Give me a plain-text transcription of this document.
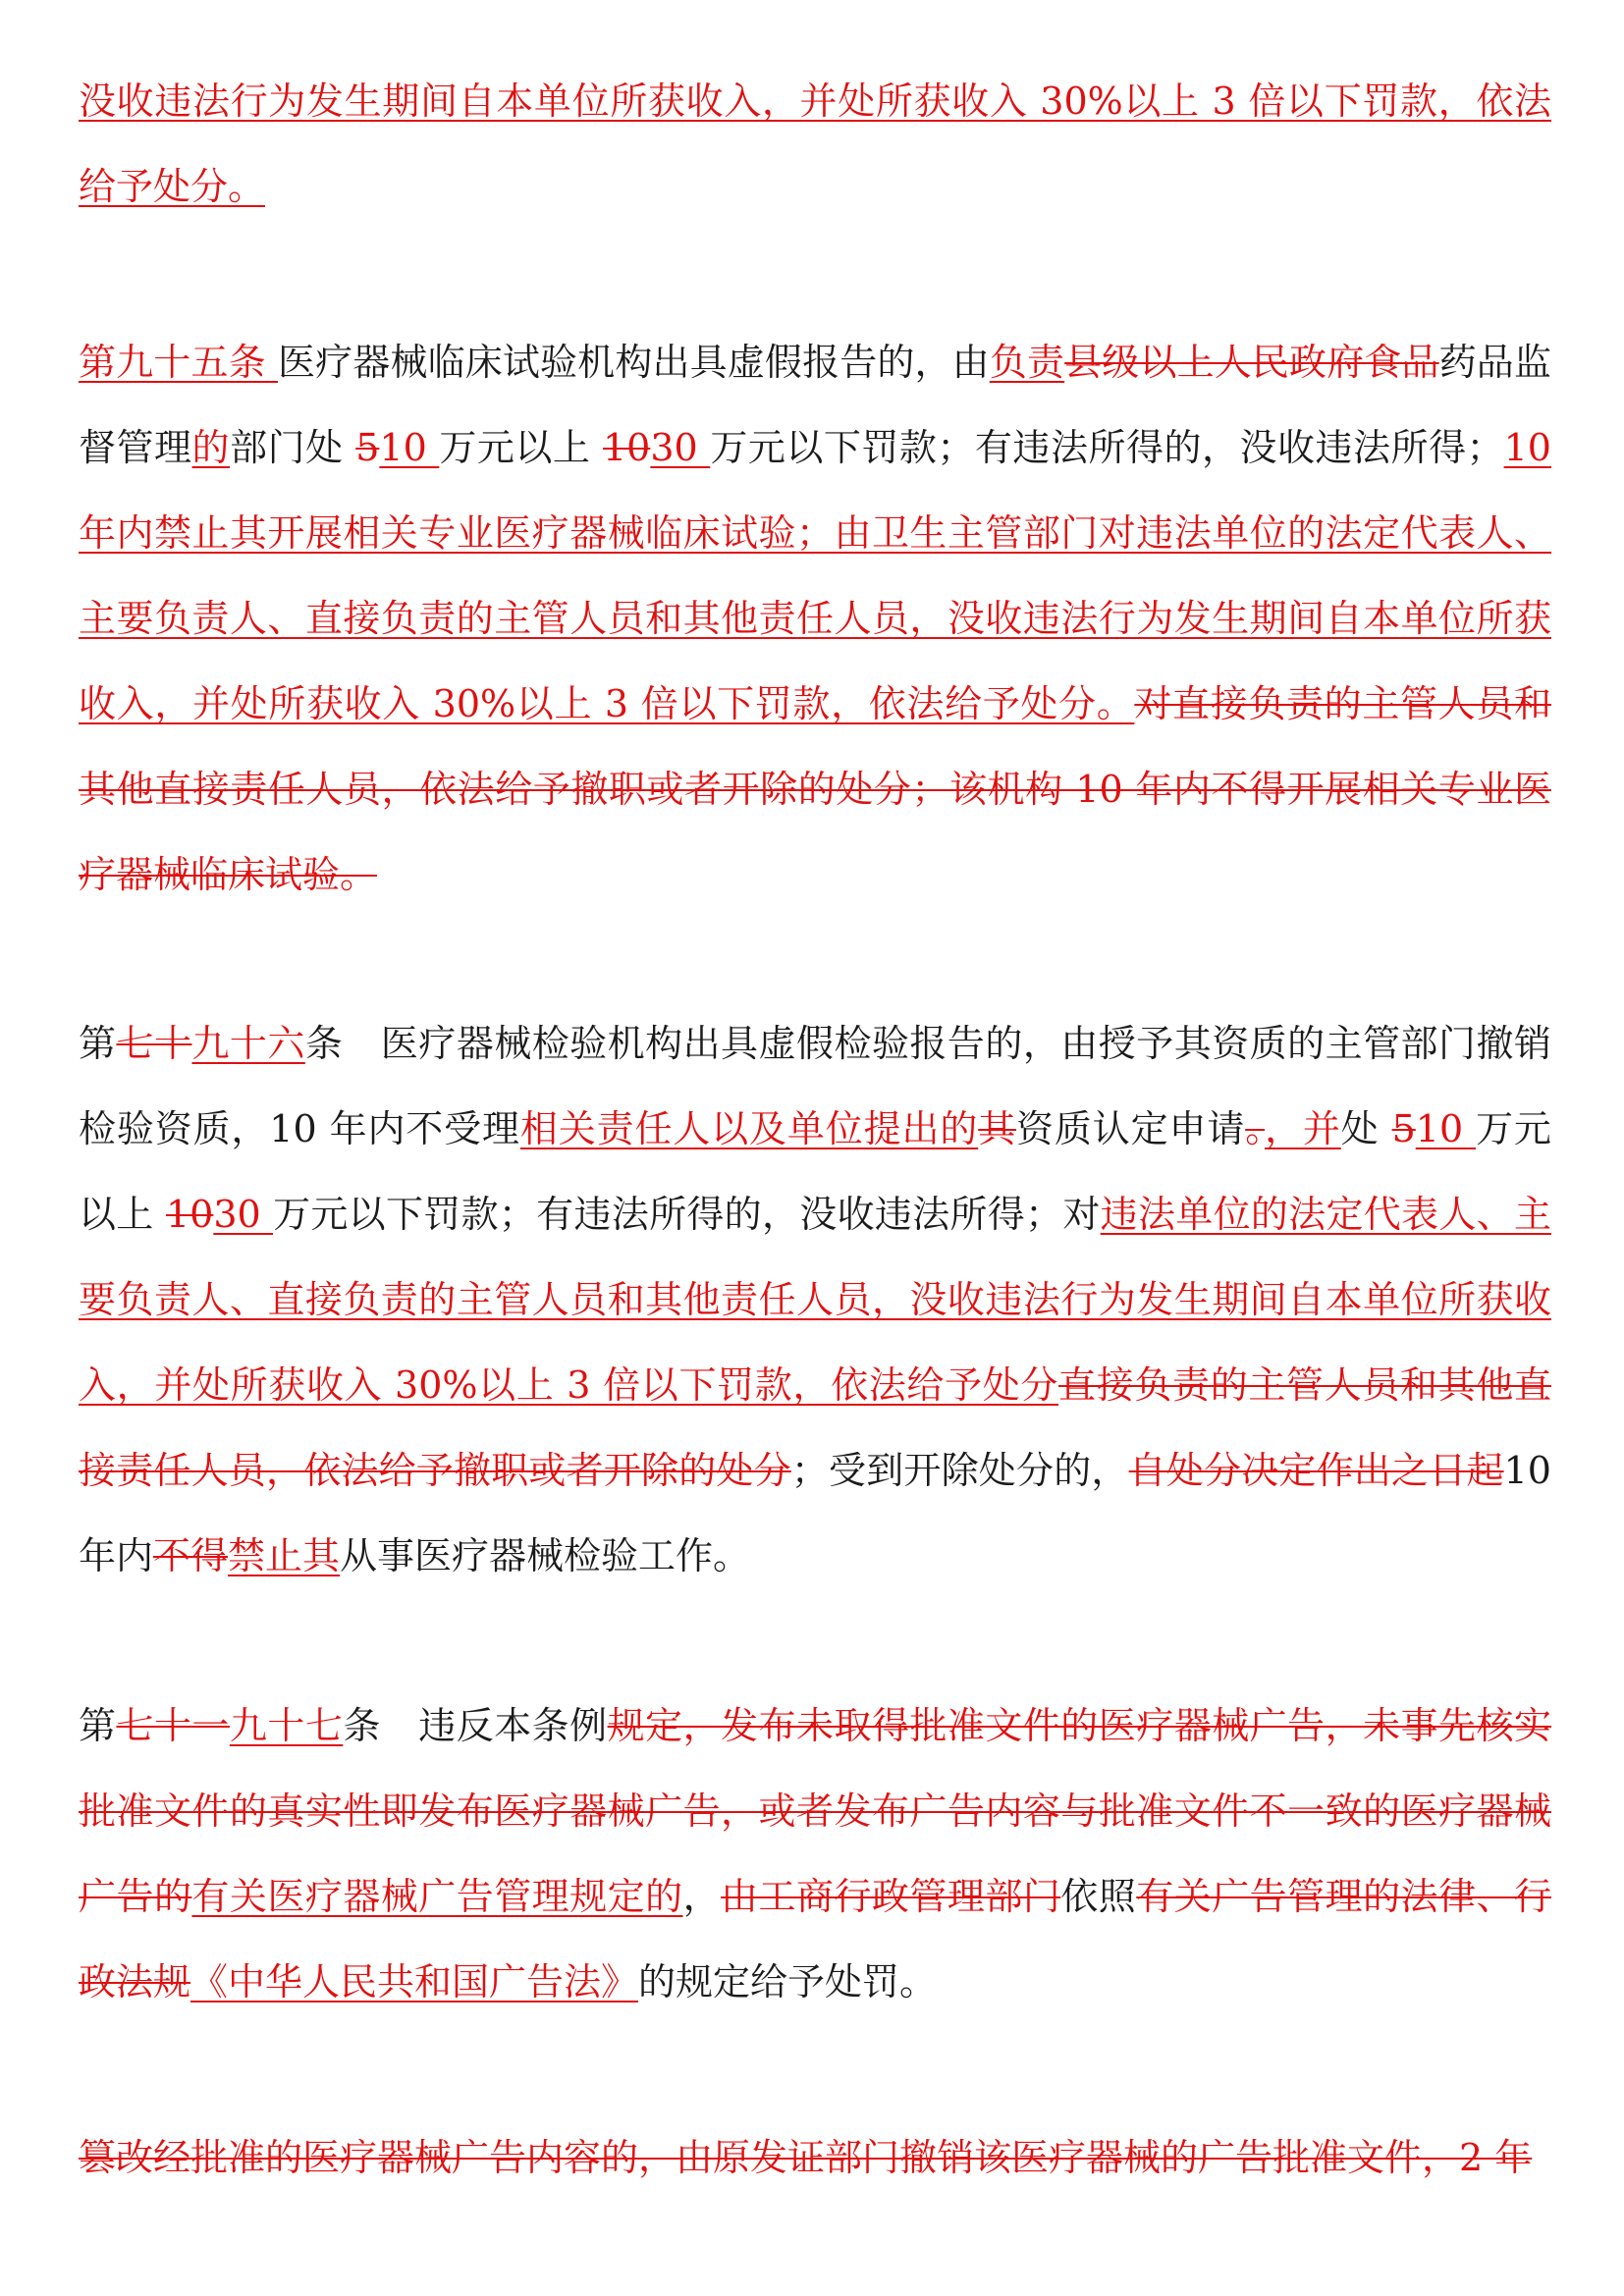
没收违法行为发生期间自本单位所获收入，并处所获收入 30%以上 3 倍以下罚款，依法给予处分。
第九十五条 医疗器械临床试验机构出具虚假报告的，由负责县级以上人民政府食品药品监督管理的部门处 510 万元以上 1030 万元以下罚款；有违法所得的，没收违法所得；10 年内禁止其开展相关专业医疗器械临床试验；由卫生主管部门对违法单位的法定代表人、主要负责人、直接负责的主管人员和其他责任人员，没收违法行为发生期间自本单位所获收入，并处所获收入 30%以上 3 倍以下罚款，依法给予处分。对直接负责的主管人员和其他直接责任人员，依法给予撤职或者开除的处分；该机构 10 年内不得开展相关专业医疗器械临床试验。
第七十九十六条　医疗器械检验机构出具虚假检验报告的，由授予其资质的主管部门撤销检验资质，10 年内不受理相关责任人以及单位提出的其资质认定申请。，并处 510 万元以上 1030 万元以下罚款；有违法所得的，没收违法所得；对违法单位的法定代表人、主要负责人、直接负责的主管人员和其他责任人员，没收违法行为发生期间自本单位所获收入，并处所获收入 30%以上 3 倍以下罚款，依法给予处分直接负责的主管人员和其他直接责任人员，依法给予撤职或者开除的处分；受到开除处分的，自处分决定作出之日起10 年内不得禁止其从事医疗器械检验工作。
第七十一九十七条　违反本条例规定，发布未取得批准文件的医疗器械广告，未事先核实批准文件的真实性即发布医疗器械广告，或者发布广告内容与批准文件不一致的医疗器械广告的有关医疗器械广告管理规定的，由工商行政管理部门依照有关广告管理的法律、行政法规《中华人民共和国广告法》的规定给予处罚。
篡改经批准的医疗器械广告内容的，由原发证部门撤销该医疗器械的广告批准文件，2 年
